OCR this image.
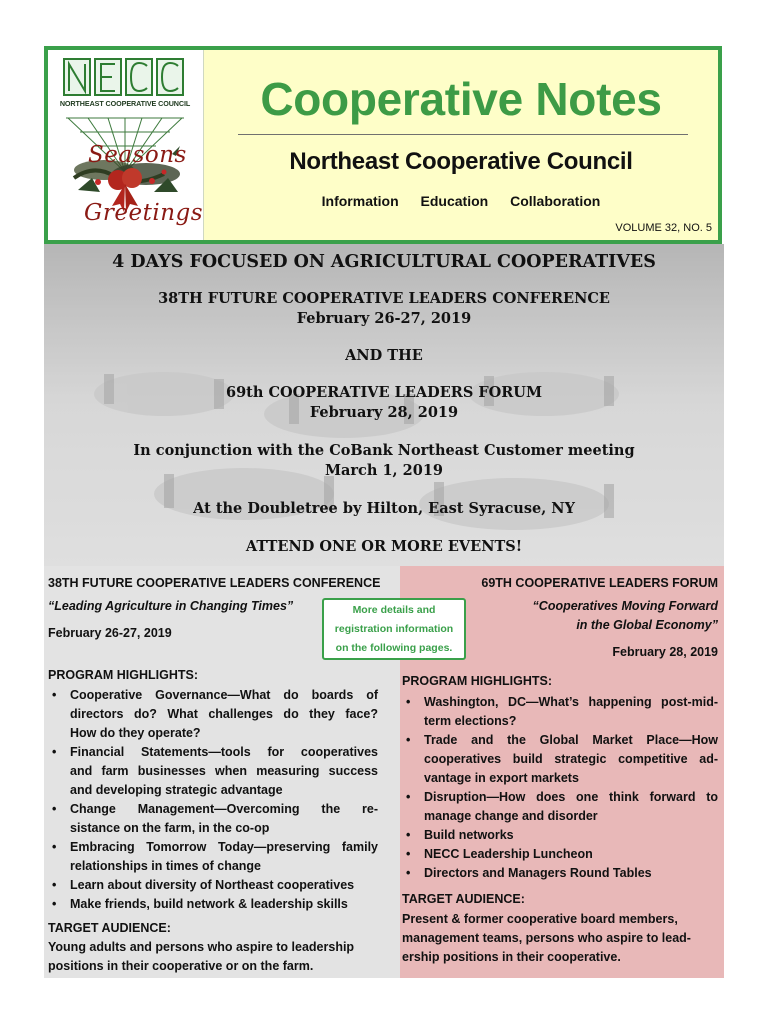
NORTHEAST COOPERATIVE COUNCIL
Seasons
Greetings
Cooperative Notes
Northeast Cooperative Council
Information Education Collaboration
VOLUME 32, NO. 5
4 DAYS FOCUSED ON AGRICULTURAL COOPERATIVES
38TH FUTURE COOPERATIVE LEADERS CONFERENCE
February 26-27, 2019
AND THE
69th COOPERATIVE LEADERS FORUM
February 28, 2019
In conjunction with the CoBank Northeast Customer meeting
March 1, 2019
At the Doubletree by Hilton, East Syracuse, NY
ATTEND ONE OR MORE EVENTS!
38TH FUTURE COOPERATIVE LEADERS CONFERENCE
“Leading Agriculture in Changing Times”
February 26-27, 2019
PROGRAM HIGHLIGHTS:
• Cooperative Governance—What do boards of
directors do? What challenges do they face?
How do they operate?
• Financial Statements—tools for cooperatives
and farm businesses when measuring success
and developing strategic advantage
• Change Management—Overcoming the re-
sistance on the farm, in the co-op
• Embracing Tomorrow Today—preserving family
relationships in times of change
• Learn about diversity of Northeast cooperatives
• Make friends, build network & leadership skills
TARGET AUDIENCE:
Young adults and persons who aspire to leadership
positions in their cooperative or on the farm.
69TH COOPERATIVE LEADERS FORUM
“Cooperatives Moving Forward
in the Global Economy”
February 28, 2019
PROGRAM HIGHLIGHTS:
• Washington, DC—What’s happening post-mid-
term elections?
• Trade and the Global Market Place—How
cooperatives build strategic competitive ad-
vantage in export markets
• Disruption—How does one think forward to
manage change and disorder
• Build networks
• NECC Leadership Luncheon
• Directors and Managers Round Tables
TARGET AUDIENCE:
Present & former cooperative board members,
management teams, persons who aspire to lead-
ership positions in their cooperative.
More details and
registration information
on the following pages.
